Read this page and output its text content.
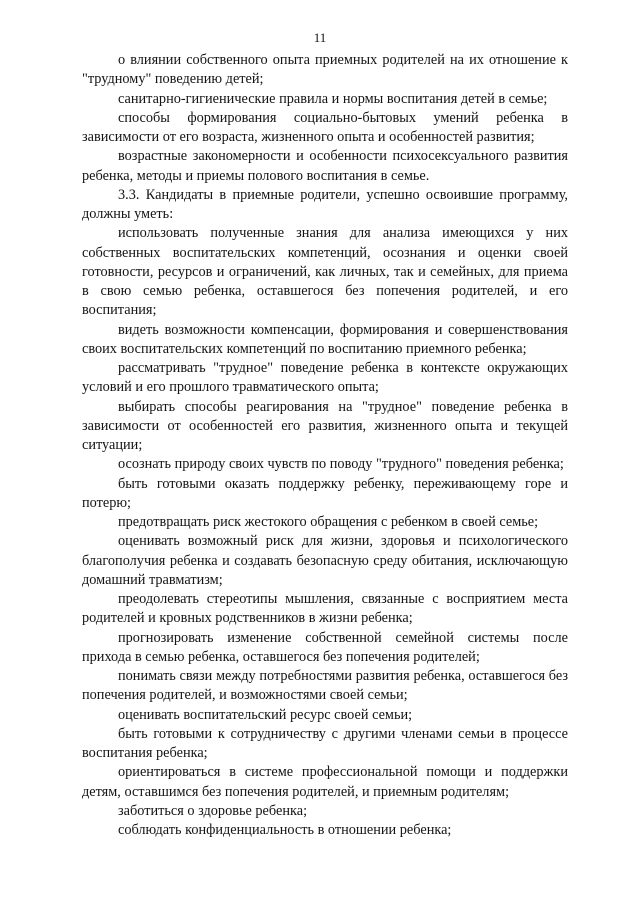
11

о влиянии собственного опыта приемных родителей на их отношение к "трудному" поведению детей;

санитарно-гигиенические правила и нормы воспитания детей в семье;

способы формирования социально-бытовых умений ребенка в зависимости от его возраста, жизненного опыта и особенностей развития;

возрастные закономерности и особенности психосексуального развития ребенка, методы и приемы полового воспитания в семье.

3.3. Кандидаты в приемные родители, успешно освоившие программу, должны уметь:

использовать полученные знания для анализа имеющихся у них собственных воспитательских компетенций, осознания и оценки своей готовности, ресурсов и ограничений, как личных, так и семейных, для приема в свою семью ребенка, оставшегося без попечения родителей, и его воспитания;

видеть возможности компенсации, формирования и совершенствования своих воспитательских компетенций по воспитанию приемного ребенка;

рассматривать "трудное" поведение ребенка в контексте окружающих условий и его прошлого травматического опыта;

выбирать способы реагирования на "трудное" поведение ребенка в зависимости от особенностей его развития, жизненного опыта и текущей ситуации;

осознать природу своих чувств по поводу "трудного" поведения ребенка;

быть готовыми оказать поддержку ребенку, переживающему горе и потерю;

предотвращать риск жестокого обращения с ребенком в своей семье;

оценивать возможный риск для жизни, здоровья и психологического благополучия ребенка и создавать безопасную среду обитания, исключающую домашний травматизм;

преодолевать стереотипы мышления, связанные с восприятием места родителей и кровных родственников в жизни ребенка;

прогнозировать изменение собственной семейной системы после прихода в семью ребенка, оставшегося без попечения родителей;

понимать связи между потребностями развития ребенка, оставшегося без попечения родителей, и возможностями своей семьи;

оценивать воспитательский ресурс своей семьи;

быть готовыми к сотрудничеству с другими членами семьи в процессе воспитания ребенка;

ориентироваться в системе профессиональной помощи и поддержки детям, оставшимся без попечения родителей, и приемным родителям;

заботиться о здоровье ребенка;

соблюдать конфиденциальность в отношении ребенка;
